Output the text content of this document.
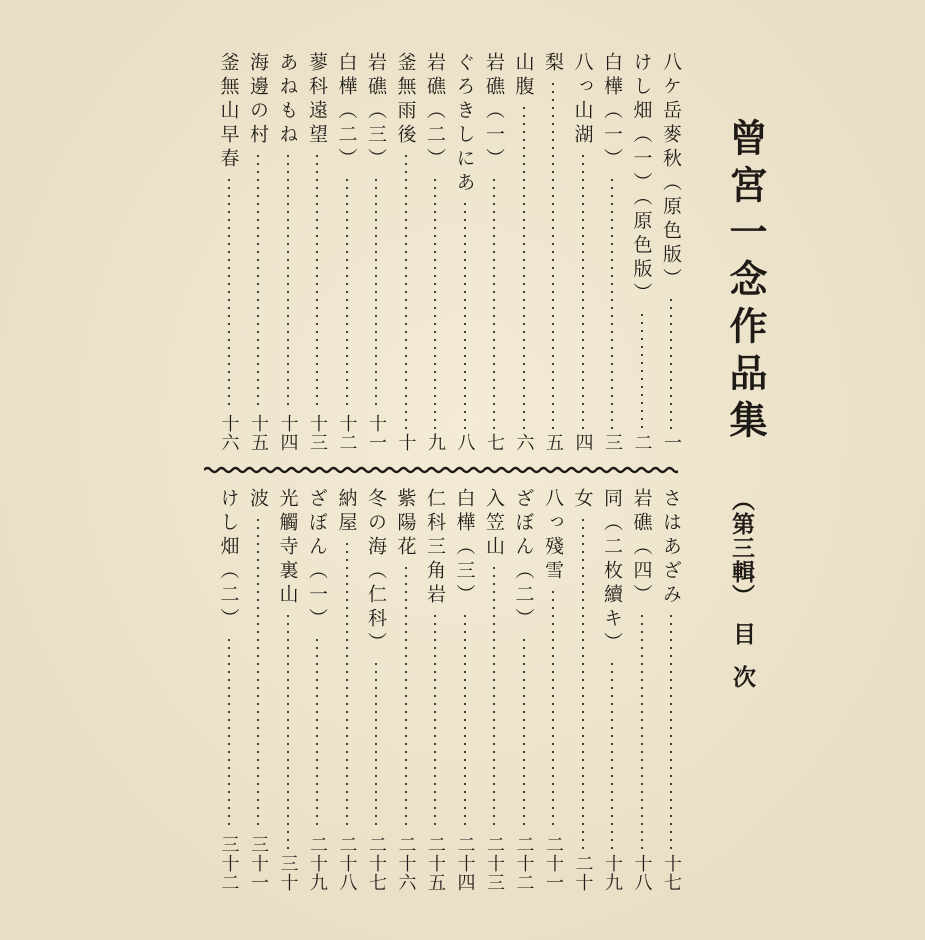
曾宮一念作品集
（第三輯）
目次
八ケ岳麥秋（原色版）
一
けし畑（一）（原色版）
二
白樺（一）
三
八っ山湖
四
梨
五
山腹
六
岩礁（一）
七
ぐろきしにあ
八
岩礁（二）
九
釜無雨後
十
岩礁（三）
十一
白樺（二）
十二
蓼科遠望
十三
あねもね
十四
海邊の村
十五
釜無山早春
十六
さはあざみ
十七
岩礁（四）
十八
同（二枚續キ）
十九
女
二十
八っ殘雪
二十一
ざぼん（二）
二十二
入笠山
二十三
白樺（三）
二十四
仁科三角岩
二十五
紫陽花
二十六
冬の海（仁科）
二十七
納屋
二十八
ざぼん（一）
二十九
光觸寺裏山
三十
波
三十一
けし畑（二）
三十二
